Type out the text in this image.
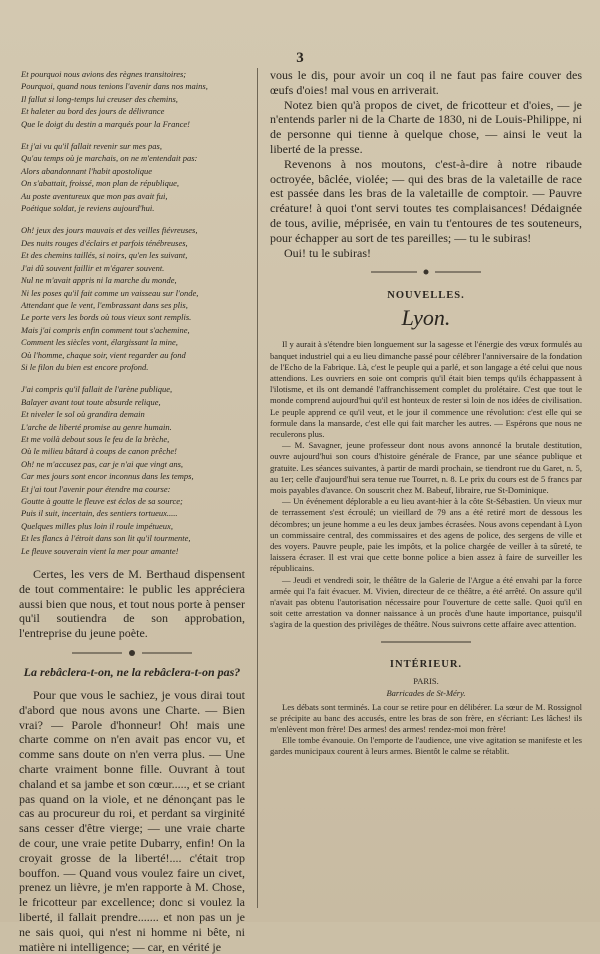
3

Et pourquoi nous avions des règnes transitoires;
Pourquoi, quand nous tenions l'avenir dans nos mains,
Il fallut si long-temps lui creuser des chemins,
Et haleter au bord des jours de délivrance
Que le doigt du destin a marqués pour la France!

Et j'ai vu qu'il fallait revenir sur mes pas,
Qu'au temps où je marchais, on ne m'entendait pas:
Alors abandonnant l'habit apostolique
On s'abattait, froissé, mon plan de république,
Au poste aventureux que mon pas avait fui,
Poétique soldat, je reviens aujourd'hui.

Oh! jeux des jours mauvais et des veilles fiévreuses,
Des nuits rouges d'éclairs et parfois ténébreuses,
Et des chemins taillés, si noirs, qu'en les suivant,
J'ai dû souvent faillir et m'égarer souvent.
Nul ne m'avait appris ni la marche du monde,
Ni les poses qu'il fait comme un vaisseau sur l'onde,
Attendant que le vent, l'embrassant dans ses plis,
Le porte vers les bords où tous vieux sont remplis.
Mais j'ai compris enfin comment tout s'achemine,
Comment les siècles vont, élargissant la mine,
Où l'homme, chaque soir, vient regarder au fond
Si le filon du bien est encore profond.

J'ai compris qu'il fallait de l'arène publique,
Balayer avant tout toute absurde relique,
Et niveler le sol où grandira demain
L'arche de liberté promise au genre humain.
Et me voilà debout sous le feu de la brèche,
Où le milieu bâtard à coups de canon prêche!
Oh! ne m'accusez pas, car je n'ai que vingt ans,
Car mes jours sont encor inconnus dans les temps,
Et j'ai tout l'avenir pour étendre ma course:
Goutte à goutte le fleuve est éclos de sa source;
Puis il suit, incertain, des sentiers tortueux.....
Quelques milles plus loin il roule impétueux,
Et les flancs à l'étroit dans son lit qu'il tourmente,
Le fleuve souverain vient la mer pour amante!

Certes, les vers de M. Berthaud dispensent de tout commentaire: le public les appréciera aussi bien que nous, et tout nous porte à penser qu'il soutiendra de son approbation, l'entreprise du jeune poète.

La rebâclera-t-on, ne la rebâclera-t-on pas?

Pour que vous le sachiez, je vous dirai tout d'abord que nous avons une Charte. — Bien vrai? — Parole d'honneur! Oh! mais une charte comme on n'en avait pas encor vu, et comme sans doute on n'en verra plus. — Une charte vraiment bonne fille. Ouvrant à tout chaland et sa jambe et son cœur....., et se criant pas quand on la viole, et ne dénonçant pas le cas au procureur du roi, et perdant sa virginité sans cesser d'être vierge; — une vraie charte de cour, une vraie petite Dubarry, enfin! On la croyait grosse de la liberté!.... c'était trop bouffon. — Quand vous voulez faire un civet, prenez un lièvre, je m'en rapporte à M. Chose, le fricotteur par excellence; donc si voulez la liberté, il fallait prendre....... et non pas un je ne sais quoi, qui n'est ni homme ni bête, ni matière ni intelligence; — car, en vérité je

vous le dis, pour avoir un coq il ne faut pas faire couver des œufs d'oies! mal vous en arriverait.

Notez bien qu'à propos de civet, de fricotteur et d'oies, — je n'entends parler ni de la Charte de 1830, ni de Louis-Philippe, ni de personne qui tienne à quelque chose, — ainsi le veut la liberté de la presse.

Revenons à nos moutons, c'est-à-dire à notre ribaude octroyée, bâclée, violée; — qui des bras de la valetaille de race est passée dans les bras de la valetaille de comptoir. — Pauvre créature! à quoi t'ont servi toutes tes complaisances! Dédaignée de tous, avilie, méprisée, en vain tu t'entoures de tes souteneurs, pour échapper au sort de tes pareilles; — tu le subiras!

Oui! tu le subiras!

NOUVELLES.
Lyon.

Il y aurait à s'étendre bien longuement sur la sagesse et l'énergie des vœux formulés au banquet industriel qui a eu lieu dimanche passé pour célébrer l'anniversaire de la fondation de l'Echo de la Fabrique. Là, c'est le peuple qui a parlé, et son langage a été celui que nous attendions. Les ouvriers en soie ont compris qu'il était bien temps qu'ils échappassent à l'ilotisme, et ils ont demandé l'affranchissement complet du prolétaire. C'est que tout le monde comprend aujourd'hui qu'il est honteux de rester si loin de nos idées de civilisation. Le peuple apprend ce qu'il veut, et le jour il commence une révolution: c'est elle qui se formule dans la mansarde, c'est elle qui fait marcher les autres. — Espérons que nous ne reculerons plus.

— M. Savagner, jeune professeur dont nous avons annoncé la brutale destitution, ouvre aujourd'hui son cours d'histoire générale de France, par une séance publique et gratuite. Les séances suivantes, à partir de mardi prochain, se tiendront rue du Garet, n. 5, au 1er; celle d'aujourd'hui sera tenue rue Tourret, n. 8. Le prix du cours est de 5 francs par mois payables d'avance. On souscrit chez M. Babeuf, libraire, rue St-Dominique.

— Un événement déplorable a eu lieu avant-hier à la côte St-Sébastien. Un vieux mur de terrassement s'est écroulé; un vieillard de 79 ans a été retiré mort de dessous les décombres; un jeune homme a eu les deux jambes écrasées. Nous avons cependant à Lyon un commissaire central, des commissaires et des agens de police, des sergens de ville et des voyers. Pauvre peuple, paie les impôts, et la police chargée de veiller à ta sûreté, te laissera écraser. Il est vrai que cette bonne police a bien assez à faire de surveiller les républicains.

— Jeudi et vendredi soir, le théâtre de la Galerie de l'Argue a été envahi par la force armée qui l'a fait évacuer. M. Vivien, directeur de ce théâtre, a été arrêté. On assure qu'il n'avait pas obtenu l'autorisation nécessaire pour l'ouverture de cette salle. Quoi qu'il en soit cette arrestation va donner naissance à un procès d'une haute importance, puisqu'il s'agira de la question des privilèges de théâtre. Nous suivrons cette affaire avec attention.

INTÉRIEUR.
PARIS.
Barricades de St-Méry.

Les débats sont terminés. La cour se retire pour en délibérer. La sœur de M. Rossignol se précipite au banc des accusés, entre les bras de son frère, en s'écriant: Les lâches! ils m'enlèvent mon frère! Des armes! des armes! rendez-moi mon frère!

Elle tombe évanouie. On l'emporte de l'audience, une vive agitation se manifeste et les gardes municipaux courent à leurs armes. Bientôt le calme se rétablit.
